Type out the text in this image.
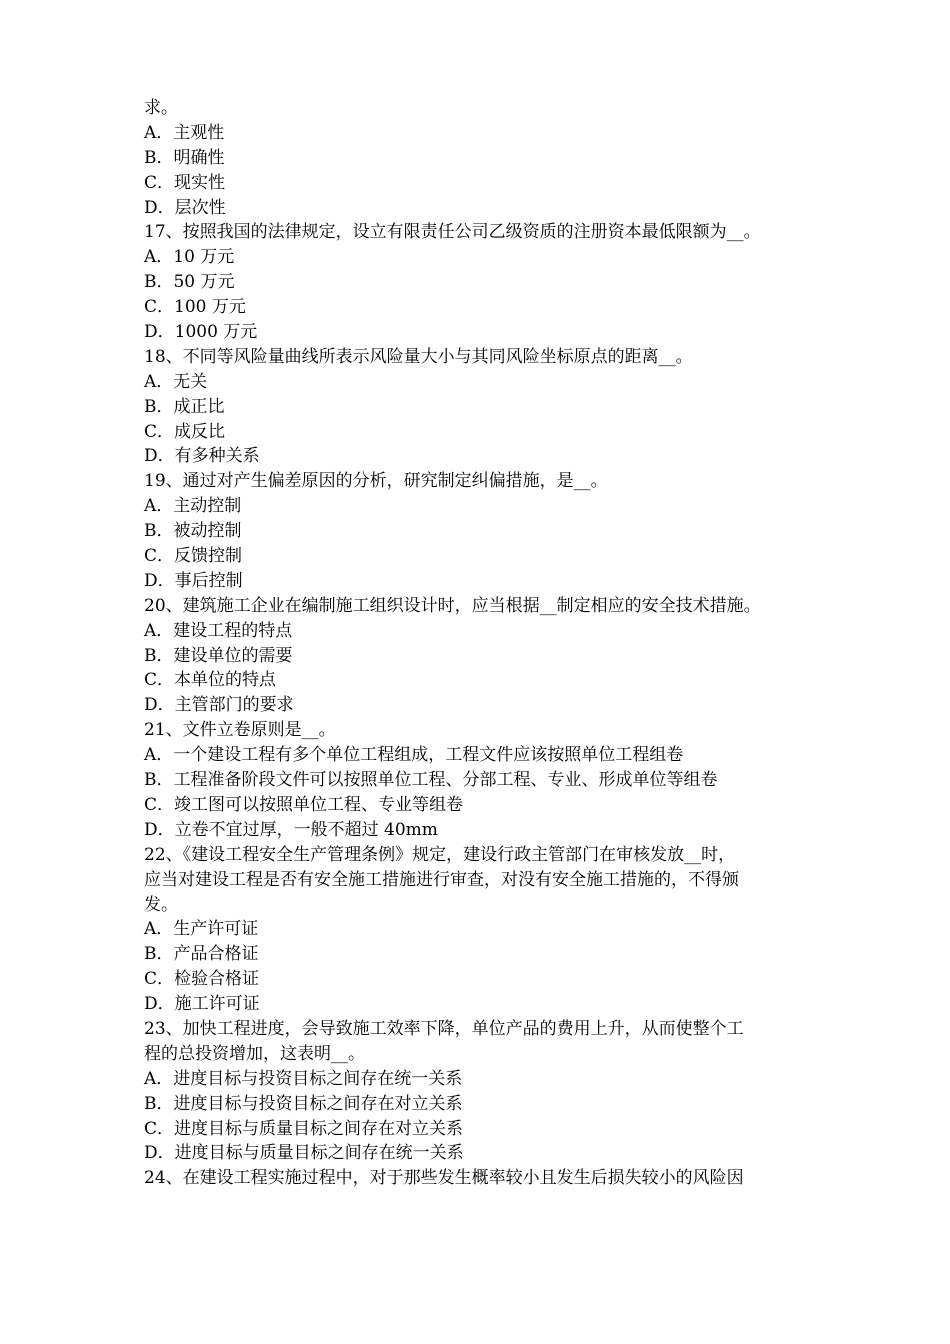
求。
A．主观性
B．明确性
C．现实性
D．层次性
17、按照我国的法律规定，设立有限责任公司乙级资质的注册资本最低限额为__。
A．10 万元
B．50 万元
C．100 万元
D．1000 万元
18、不同等风险量曲线所表示风险量大小与其同风险坐标原点的距离__。
A．无关
B．成正比
C．成反比
D．有多种关系
19、通过对产生偏差原因的分析，研究制定纠偏措施，是__。
A．主动控制
B．被动控制
C．反馈控制
D．事后控制
20、建筑施工企业在编制施工组织设计时，应当根据__制定相应的安全技术措施。
A．建设工程的特点
B．建设单位的需要
C．本单位的特点
D．主管部门的要求
21、文件立卷原则是__。
A．一个建设工程有多个单位工程组成，工程文件应该按照单位工程组卷
B．工程准备阶段文件可以按照单位工程、分部工程、专业、形成单位等组卷
C．竣工图可以按照单位工程、专业等组卷
D．立卷不宜过厚，一般不超过 40mm
22、《建设工程安全生产管理条例》规定，建设行政主管部门在审核发放__时，
应当对建设工程是否有安全施工措施进行审查，对没有安全施工措施的，不得颁
发。
A．生产许可证
B．产品合格证
C．检验合格证
D．施工许可证
23、加快工程进度，会导致施工效率下降，单位产品的费用上升，从而使整个工
程的总投资增加，这表明__。
A．进度目标与投资目标之间存在统一关系
B．进度目标与投资目标之间存在对立关系
C．进度目标与质量目标之间存在对立关系
D．进度目标与质量目标之间存在统一关系
24、在建设工程实施过程中，对于那些发生概率较小且发生后损失较小的风险因
